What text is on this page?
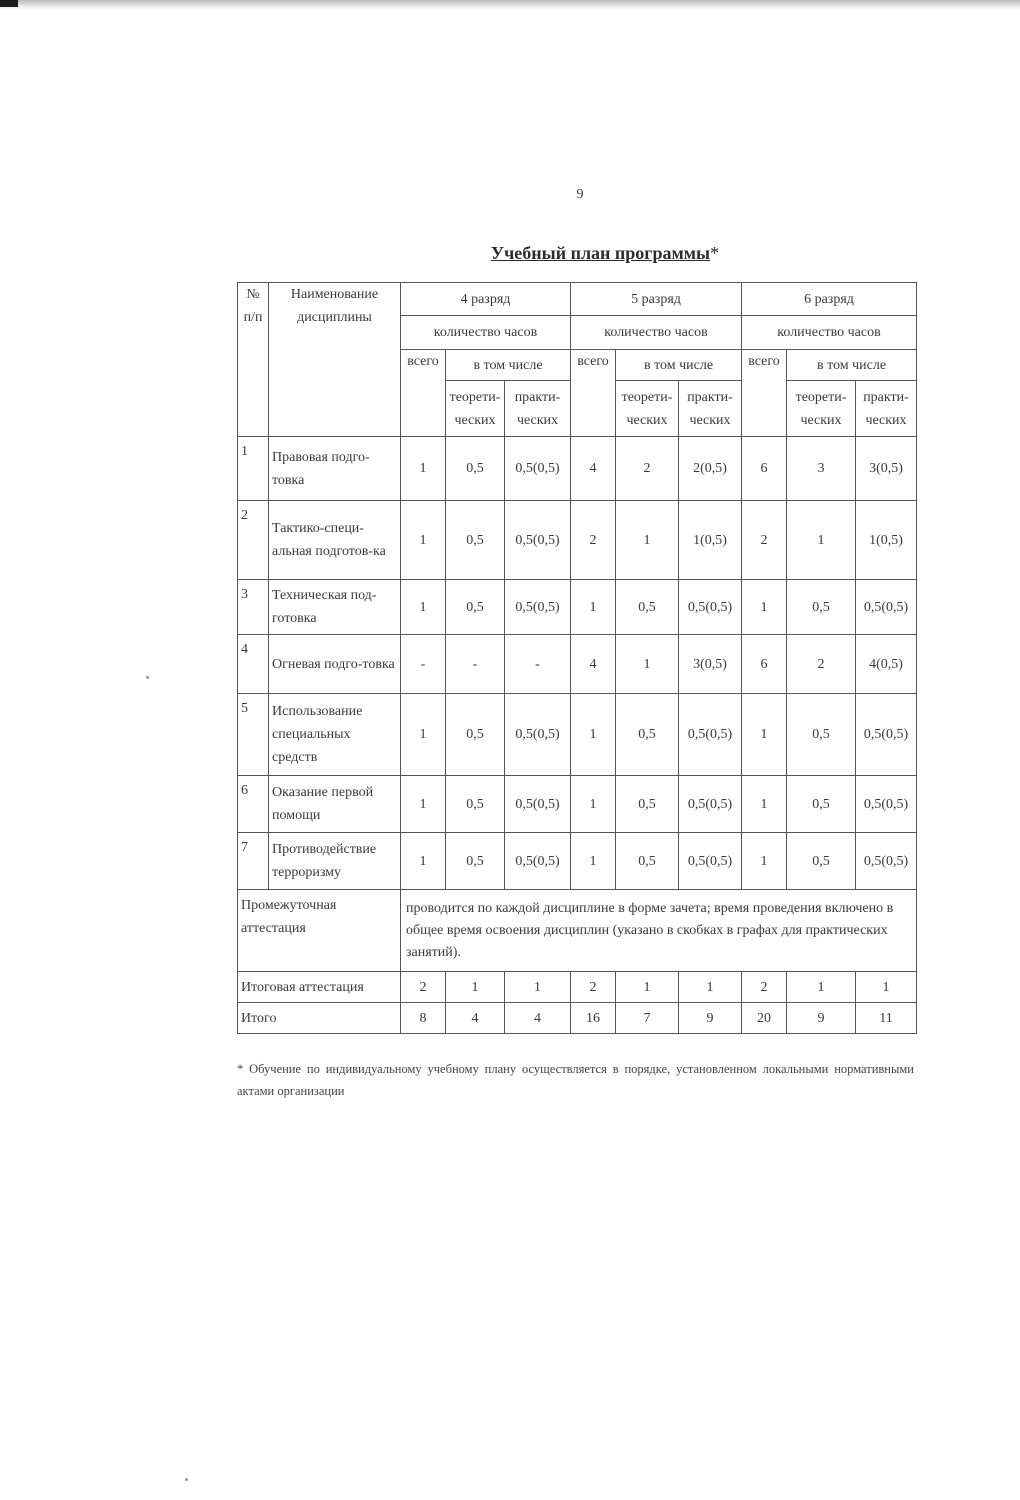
9
Учебный план программы*
№ п/п	Наименование дисциплины	4 разряд			5 разряд			6 разряд		
		количество часов			количество часов			количество часов		
		всего	в том числе		всего	в том числе		всего	в том числе	
			теорети-ческих	практи-ческих		теорети-ческих	практи-ческих		теорети-ческих	практи-ческих
1	Правовая подго-товка	1	0,5	0,5(0,5)	4	2	2(0,5)	6	3	3(0,5)
2	Тактико-специ-альная подготов-ка	1	0,5	0,5(0,5)	2	1	1(0,5)	2	1	1(0,5)
3	Техническая под-готовка	1	0,5	0,5(0,5)	1	0,5	0,5(0,5)	1	0,5	0,5(0,5)
4	Огневая подго-товка	-	-	-	4	1	3(0,5)	6	2	4(0,5)
5	Использование специальных средств	1	0,5	0,5(0,5)	1	0,5	0,5(0,5)	1	0,5	0,5(0,5)
6	Оказание первой помощи	1	0,5	0,5(0,5)	1	0,5	0,5(0,5)	1	0,5	0,5(0,5)
7	Противодействие терроризму	1	0,5	0,5(0,5)	1	0,5	0,5(0,5)	1	0,5	0,5(0,5)
Промежуточная аттестация		проводится по каждой дисциплине в форме зачета; время проведения включено в общее время освоения дисциплин (указано в скобках в графах для практических занятий).								
Итоговая аттестация		2	1	1	2	1	1	2	1	1
Итого		8	4	4	16	7	9	20	9	11
* Обучение по индивидуальному учебному плану осуществляется в порядке, установленном локальными нормативными актами организации
